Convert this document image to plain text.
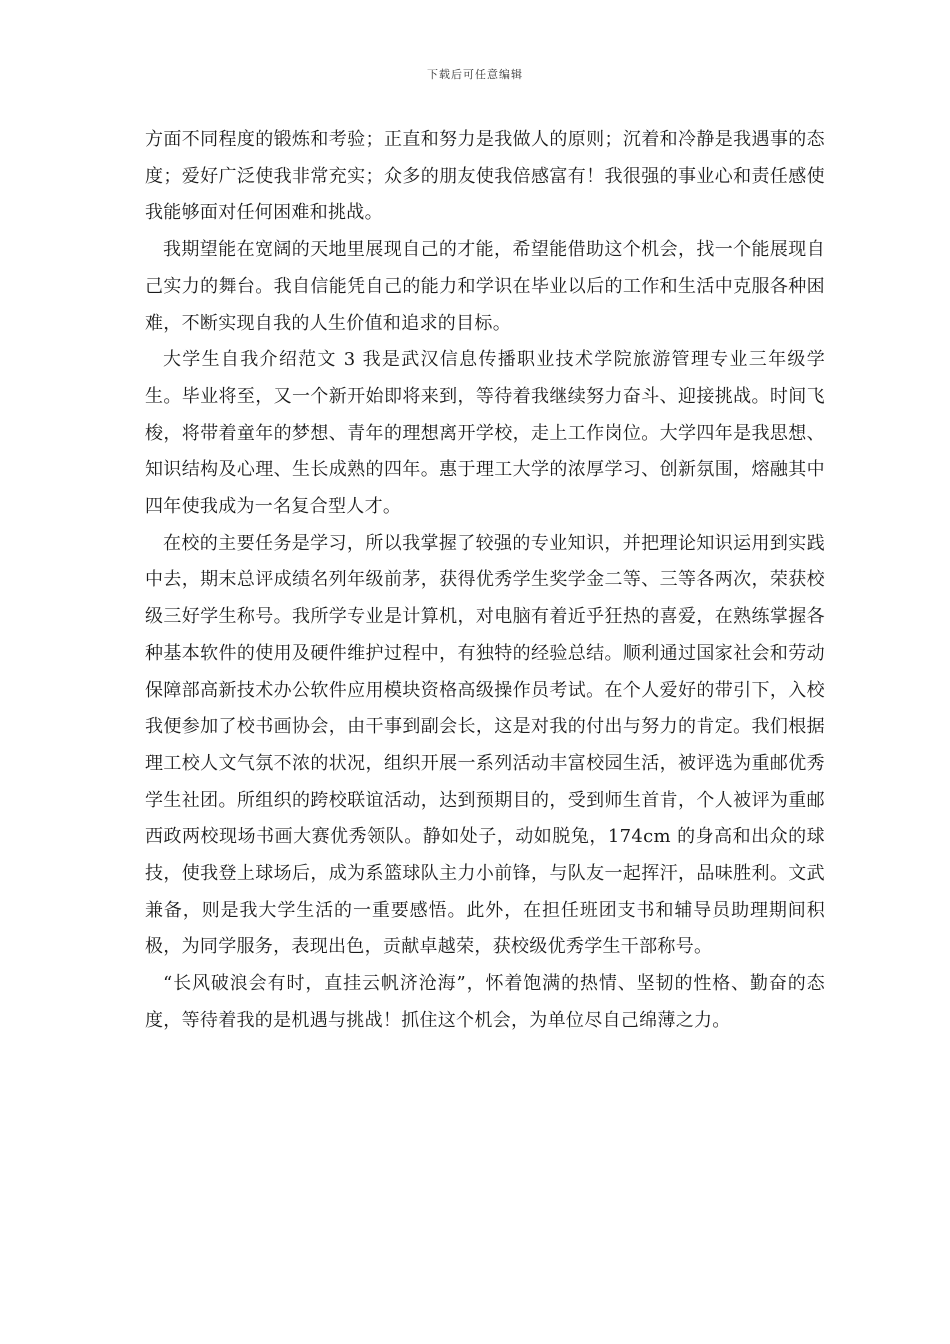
下载后可任意编辑

方面不同程度的锻炼和考验；正直和努力是我做人的原则；沉着和冷静是我遇事的态度；爱好广泛使我非常充实；众多的朋友使我倍感富有！我很强的事业心和责任感使我能够面对任何困难和挑战。

我期望能在宽阔的天地里展现自己的才能，希望能借助这个机会，找一个能展现自己实力的舞台。我自信能凭自己的能力和学识在毕业以后的工作和生活中克服各种困难，不断实现自我的人生价值和追求的目标。

大学生自我介绍范文 3 我是武汉信息传播职业技术学院旅游管理专业三年级学生。毕业将至，又一个新开始即将来到，等待着我继续努力奋斗、迎接挑战。时间飞梭，将带着童年的梦想、青年的理想离开学校，走上工作岗位。大学四年是我思想、知识结构及心理、生长成熟的四年。惠于理工大学的浓厚学习、创新氛围，熔融其中四年使我成为一名复合型人才。

在校的主要任务是学习，所以我掌握了较强的专业知识，并把理论知识运用到实践中去，期末总评成绩名列年级前茅，获得优秀学生奖学金二等、三等各两次，荣获校级三好学生称号。我所学专业是计算机，对电脑有着近乎狂热的喜爱，在熟练掌握各种基本软件的使用及硬件维护过程中，有独特的经验总结。顺利通过国家社会和劳动保障部高新技术办公软件应用模块资格高级操作员考试。在个人爱好的带引下，入校我便参加了校书画协会，由干事到副会长，这是对我的付出与努力的肯定。我们根据理工校人文气氛不浓的状况，组织开展一系列活动丰富校园生活，被评选为重邮优秀学生社团。所组织的跨校联谊活动，达到预期目的，受到师生首肯，个人被评为重邮西政两校现场书画大赛优秀领队。静如处子，动如脱兔，174cm 的身高和出众的球技，使我登上球场后，成为系篮球队主力小前锋，与队友一起挥汗，品味胜利。文武兼备，则是我大学生活的一重要感悟。此外，在担任班团支书和辅导员助理期间积极，为同学服务，表现出色，贡献卓越荣，获校级优秀学生干部称号。

“长风破浪会有时，直挂云帆济沧海”，怀着饱满的热情、坚韧的性格、勤奋的态度，等待着我的是机遇与挑战！抓住这个机会，为单位尽自己绵薄之力。
